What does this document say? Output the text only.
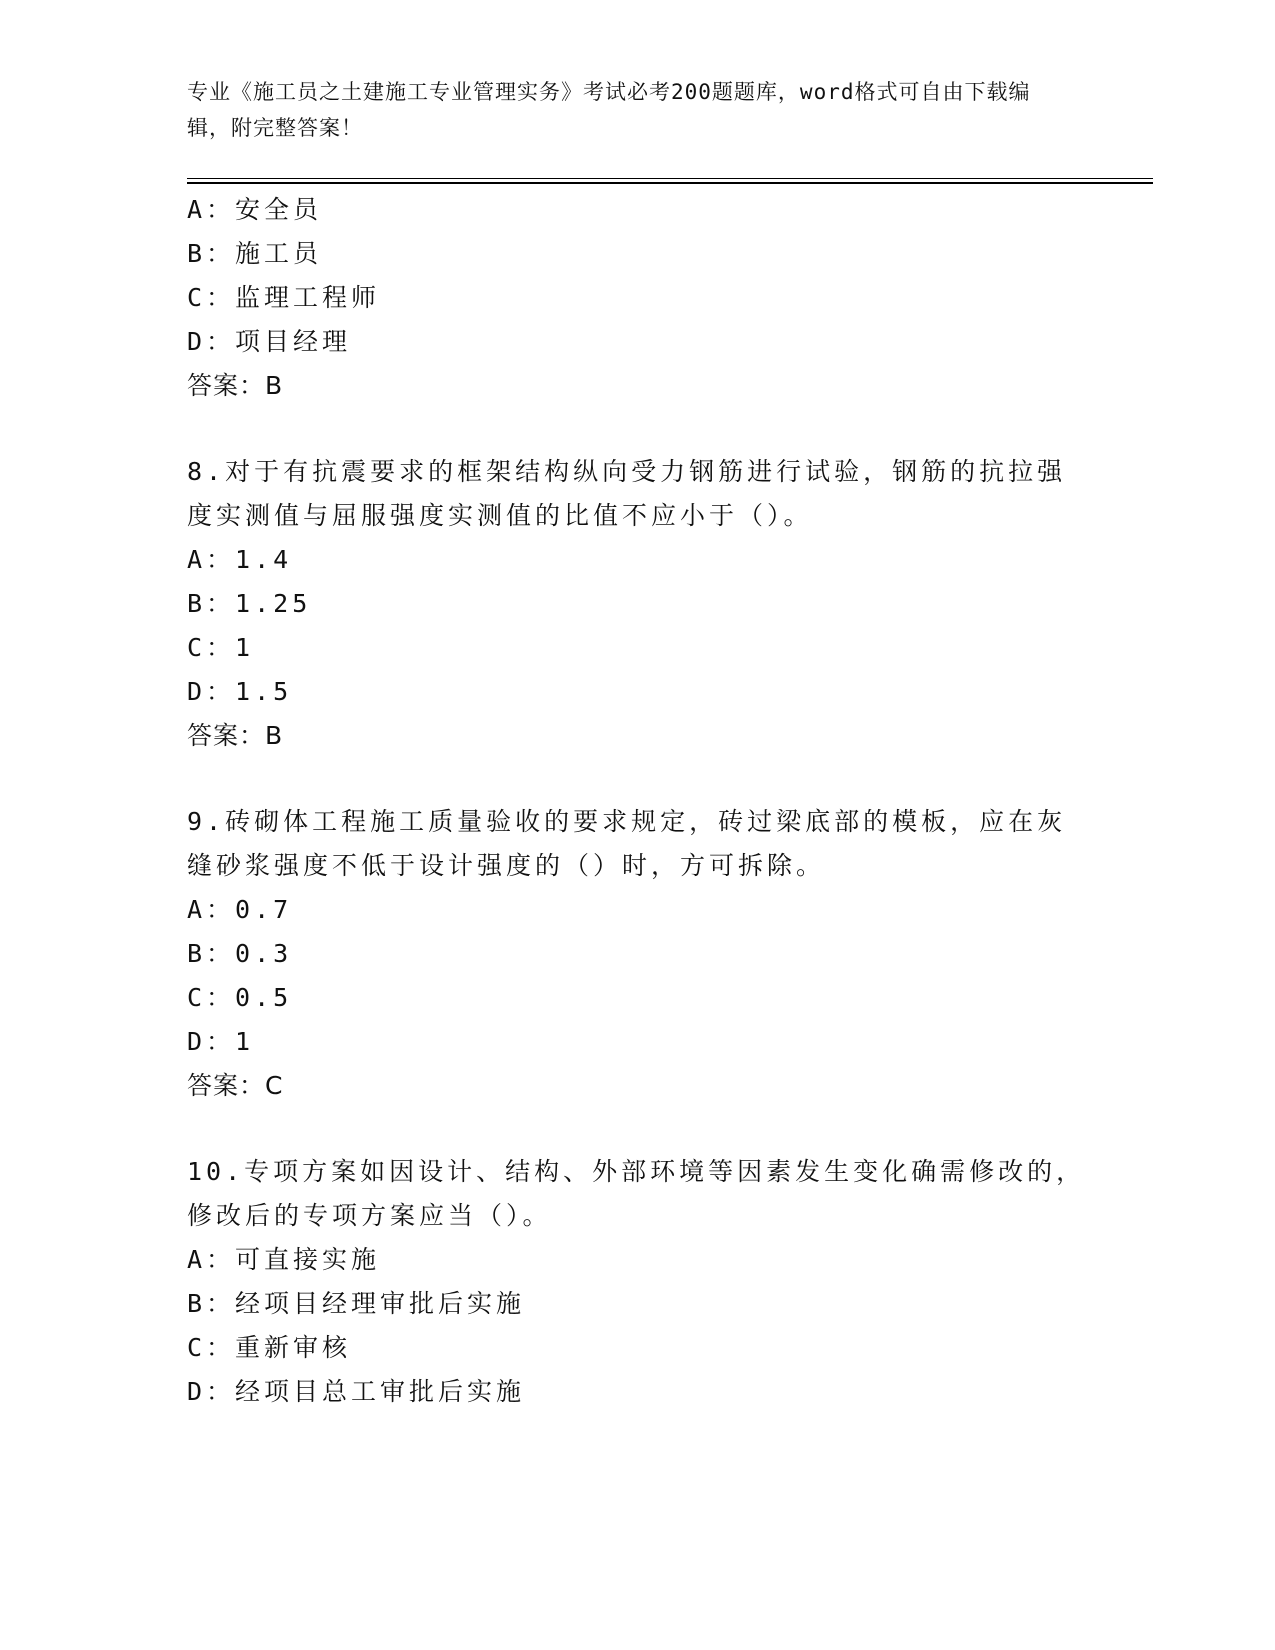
专业《施工员之土建施工专业管理实务》考试必考200题题库，word格式可自由下载编辑，附完整答案！
A：安全员
B：施工员
C：监理工程师
D：项目经理
答案：B
8.对于有抗震要求的框架结构纵向受力钢筋进行试验，钢筋的抗拉强
度实测值与屈服强度实测值的比值不应小于（）。
A：1.4
B：1.25
C：1
D：1.5
答案：B
9.砖砌体工程施工质量验收的要求规定，砖过梁底部的模板，应在灰
缝砂浆强度不低于设计强度的（）时，方可拆除。
A：0.7
B：0.3
C：0.5
D：1
答案：C
10.专项方案如因设计、结构、外部环境等因素发生变化确需修改的，
修改后的专项方案应当（）。
A：可直接实施
B：经项目经理审批后实施
C：重新审核
D：经项目总工审批后实施
